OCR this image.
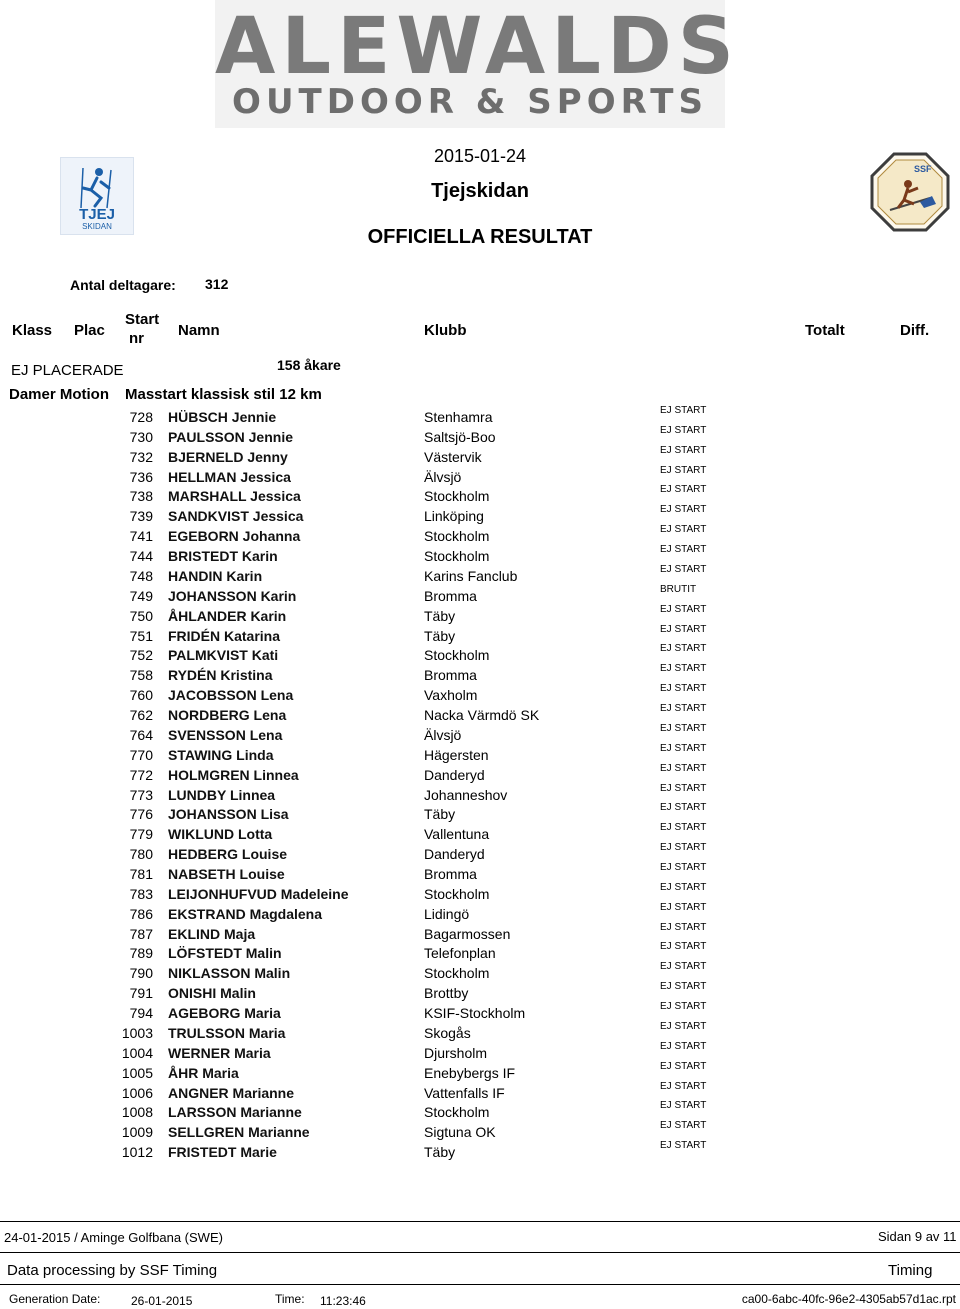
ALEWALDS
OUTDOOR & SPORTS
TJEJ
SKIDAN
SSF
2015-01-24
Tjejskidan
OFFICIELLA RESULTAT
Antal deltagare: 312
Klass Plac
Start
nr Namn	Klubb	Totalt	Diff.
EJ PLACERADE	158 åkare
Damer Motion Masstart klassisk stil 12 km
728 HÜBSCH Jennie	Stenhamra	EJ START
730 PAULSSON Jennie	Saltsjö-Boo	EJ START
732 BJERNELD Jenny	Västervik	EJ START
736 HELLMAN Jessica	Älvsjö	EJ START
738 MARSHALL Jessica	Stockholm	EJ START
739 SANDKVIST Jessica	Linköping	EJ START
741 EGEBORN Johanna	Stockholm	EJ START
744 BRISTEDT Karin	Stockholm	EJ START
748 HANDIN Karin	Karins Fanclub	EJ START
749 JOHANSSON Karin	Bromma	BRUTIT
750 ÅHLANDER Karin	Täby	EJ START
751 FRIDÉN Katarina	Täby	EJ START
752 PALMKVIST Kati	Stockholm	EJ START
758 RYDÉN Kristina	Bromma	EJ START
760 JACOBSSON Lena	Vaxholm	EJ START
762 NORDBERG Lena	Nacka Värmdö SK	EJ START
764 SVENSSON Lena	Älvsjö	EJ START
770 STAWING Linda	Hägersten	EJ START
772 HOLMGREN Linnea	Danderyd	EJ START
773 LUNDBY Linnea	Johanneshov	EJ START
776 JOHANSSON Lisa	Täby	EJ START
779 WIKLUND Lotta	Vallentuna	EJ START
780 HEDBERG Louise	Danderyd	EJ START
781 NABSETH Louise	Bromma	EJ START
783 LEIJONHUFVUD Madeleine	Stockholm	EJ START
786 EKSTRAND Magdalena	Lidingö	EJ START
787 EKLIND Maja	Bagarmossen	EJ START
789 LÖFSTEDT Malin	Telefonplan	EJ START
790 NIKLASSON Malin	Stockholm	EJ START
791 ONISHI Malin	Brottby	EJ START
794 AGEBORG Maria	KSIF-Stockholm	EJ START
1003 TRULSSON Maria	Skogås	EJ START
1004 WERNER Maria	Djursholm	EJ START
1005 ÅHR Maria	Enebybergs IF	EJ START
1006 ANGNER Marianne	Vattenfalls IF	EJ START
1008 LARSSON Marianne	Stockholm	EJ START
1009 SELLGREN Marianne	Sigtuna OK	EJ START
1012 FRISTEDT Marie	Täby	EJ START
24-01-2015 / Aminge Golfbana (SWE)	Sidan 9 av 11
Data processing by SSF Timing	Timing
Generation Date:	26-01-2015	Time: 11:23:46	ca00-6abc-40fc-96e2-4305ab57d1ac.rpt
